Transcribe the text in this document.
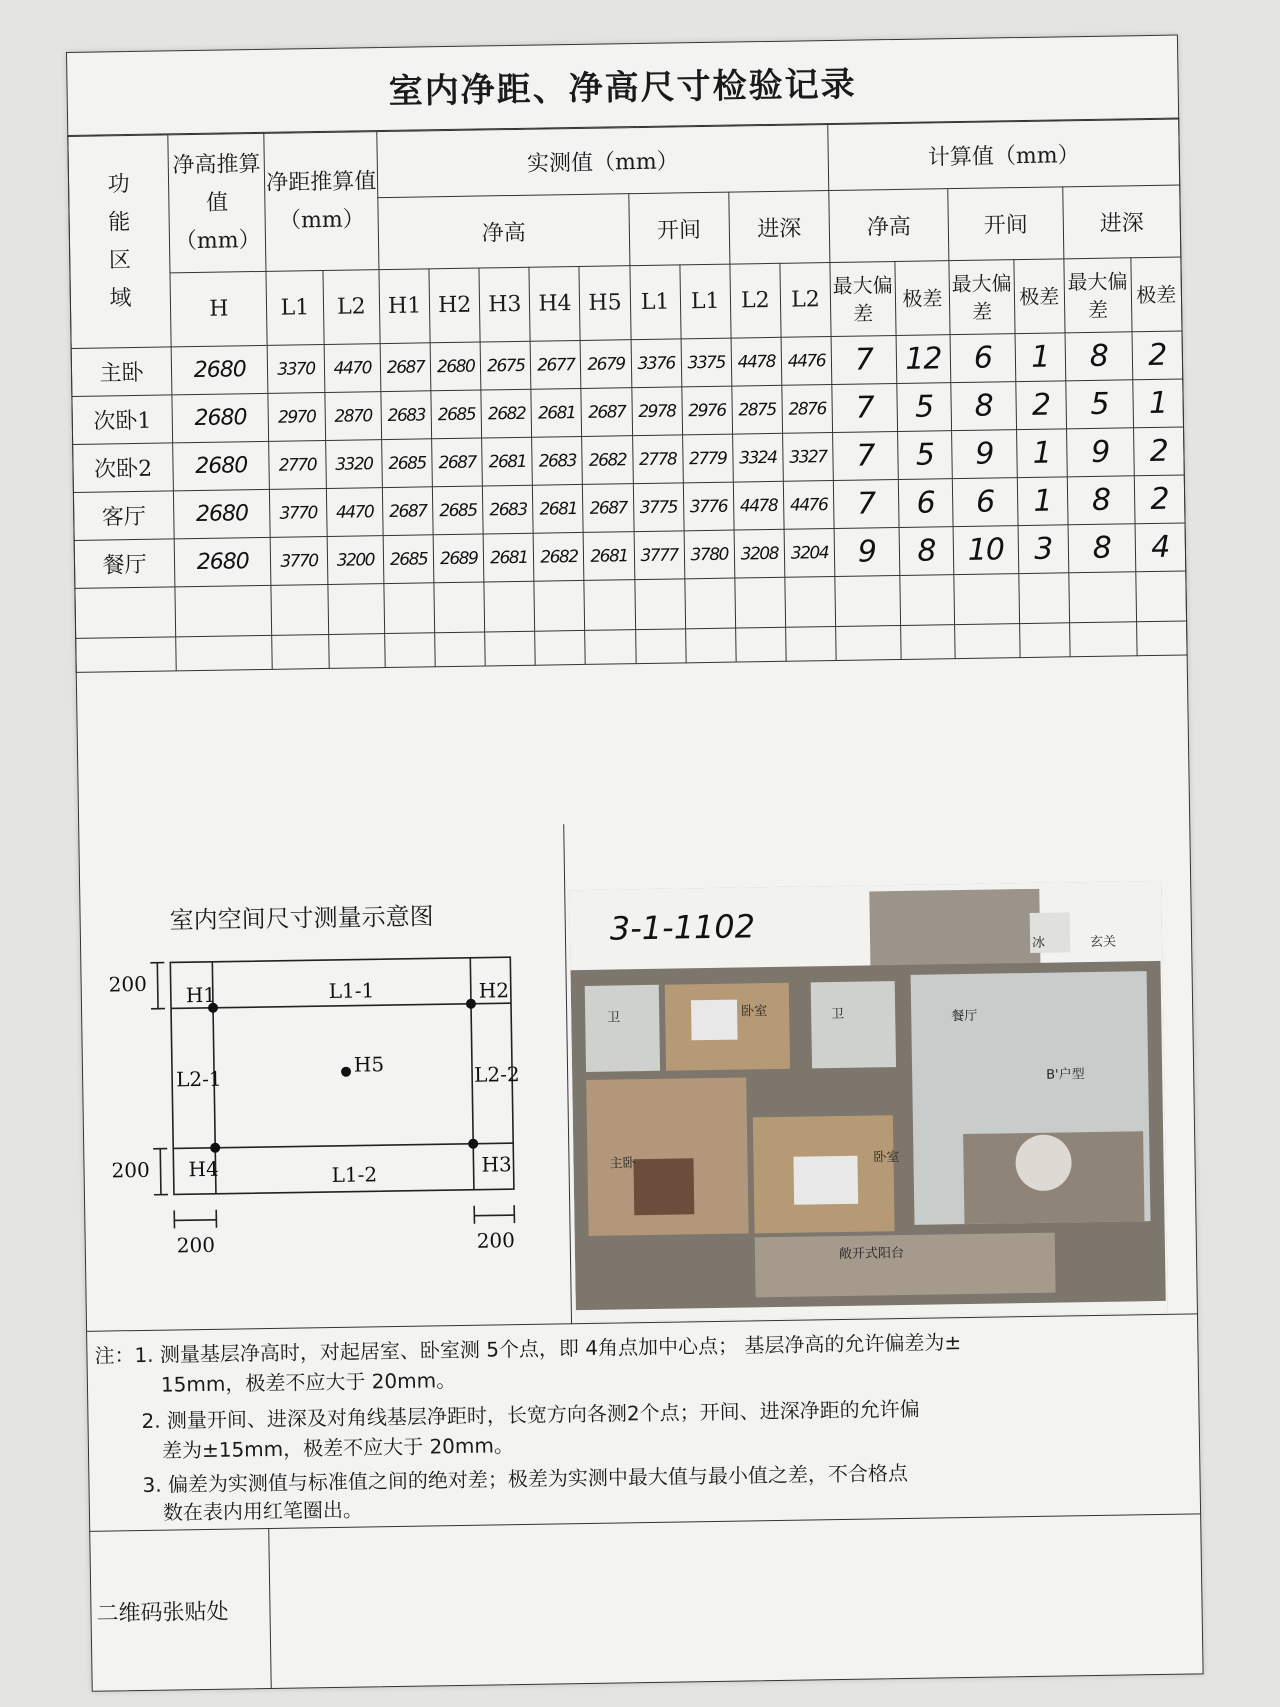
室内净距、净高尺寸检验记录
功
能
区
域	净高推算值（mm）	净距推算值（mm）		实测值（mm）									计算值（mm）					
				净高					开间		进深		净高		开间		进深	
	H	L1	L2	H1	H2	H3	H4	H5	L1	L1	L2	L2	最大偏差	极差	最大偏差	极差	最大偏差	极差
主卧	2680	3370	4470	2687	2680	2675	2677	2679	3376	3375	4478	4476	7	12	6	1	8	2
次卧1	2680	2970	2870	2683	2685	2682	2681	2687	2978	2976	2875	2876	7	5	8	2	5	1
次卧2	2680	2770	3320	2685	2687	2681	2683	2682	2778	2779	3324	3327	7	5	9	1	9	2
客厅	2680	3770	4470	2687	2685	2683	2681	2687	3775	3776	4478	4476	7	6	6	1	8	2
餐厅	2680	3770	3200	2685	2689	2681	2682	2681	3777	3780	3208	3204	9	8	10	3	8	4

室内空间尺寸测量示意图
H1	H2
H3
H4
H5
L1-1
L1-2
L2-1	L2-2
200
200
200	200
卫	卫
卧室
主卧	卧室
餐厅
玄关
冰
B'户型
敞开式阳台
3-1-1102

注：1. 测量基层净高时，对起居室、卧室测 5个点，即 4角点加中心点； 基层净高的允许偏差为±

15mm，极差不应大于 20mm。

2. 测量开间、进深及对角线基层净距时，长宽方向各测2个点；开间、进深净距的允许偏

差为±15mm，极差不应大于 20mm。

3. 偏差为实测值与标准值之间的绝对差；极差为实测中最大值与最小值之差，不合格点

数在表内用红笔圈出。

二维码张贴处
